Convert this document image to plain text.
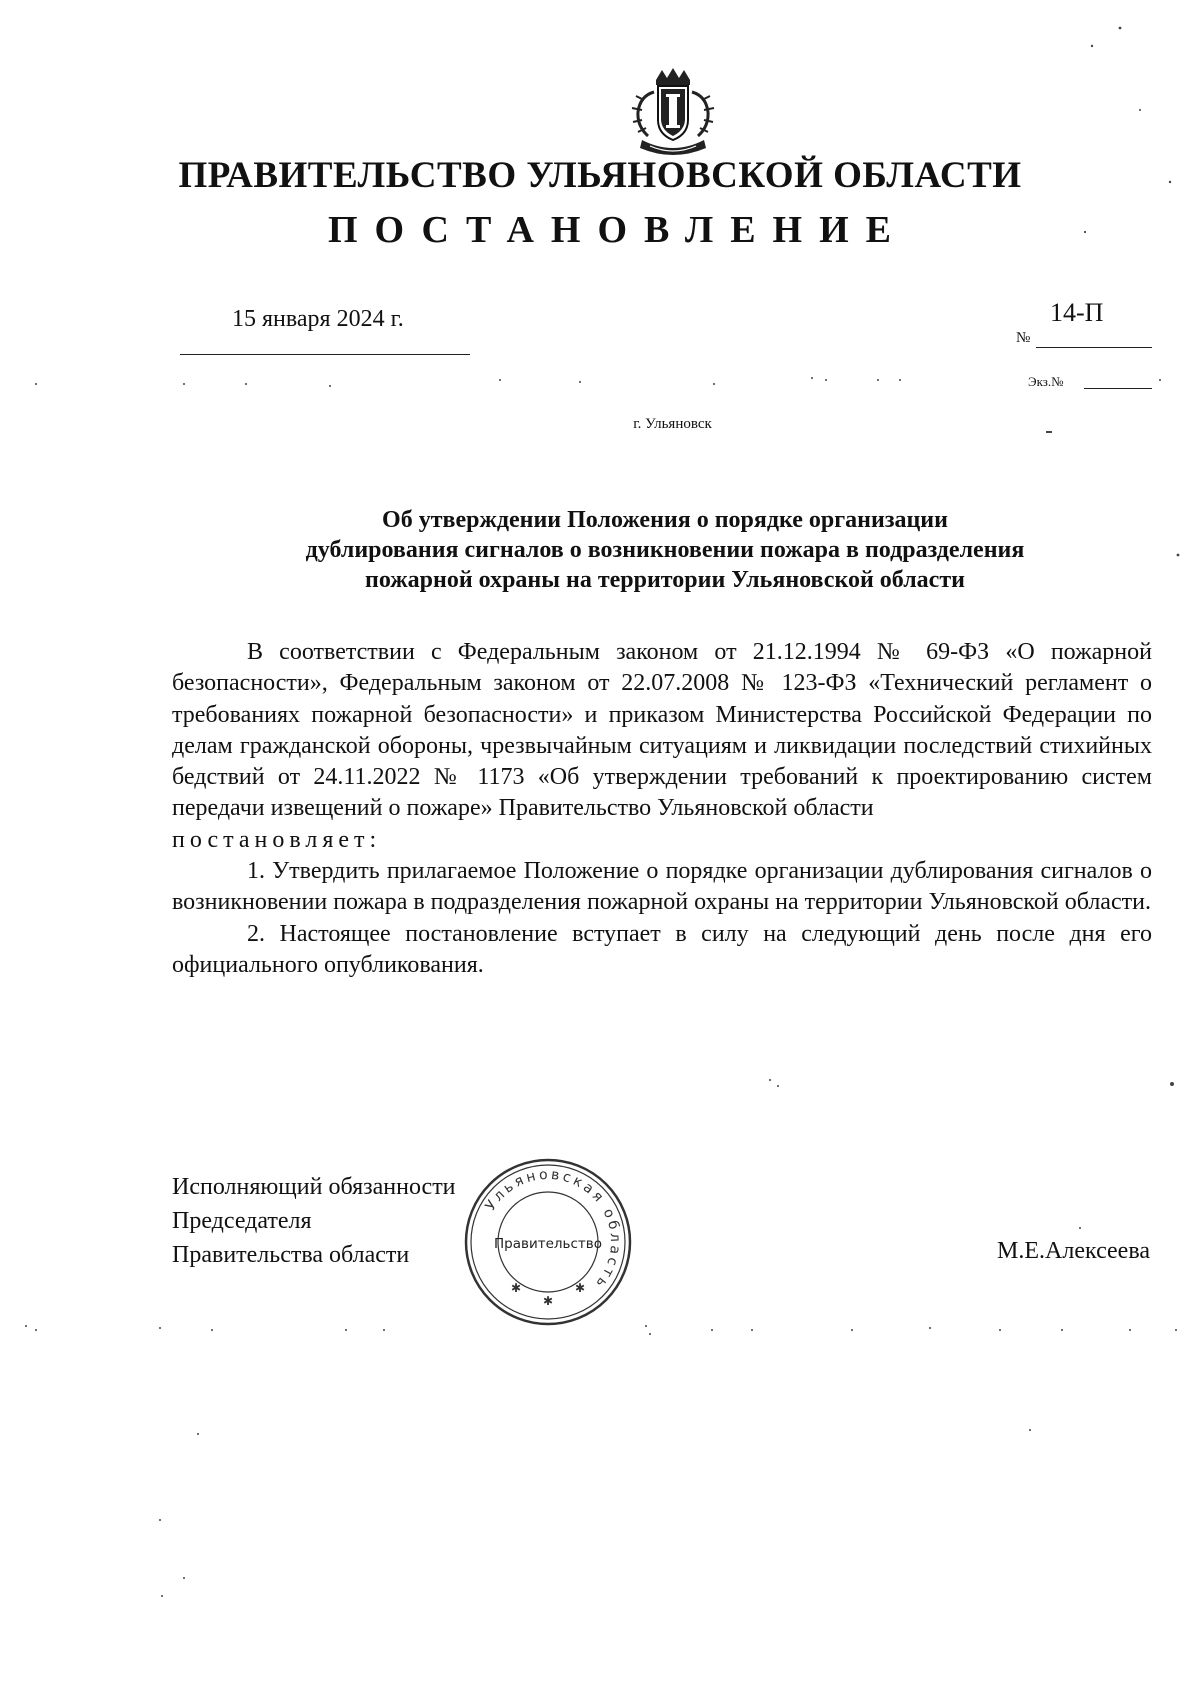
ПРАВИТЕЛЬСТВО УЛЬЯНОВСКОЙ ОБЛАСТИ
ПОСТАНОВЛЕНИЕ
15 января 2024 г.	14-П
№
Экз.№
г. Ульяновск
Об утверждении Положения о порядке организации
дублирования сигналов о возникновении пожара в подразделения
пожарной охраны на территории Ульяновской области

В соответствии с Федеральным законом от 21.12.1994 № 69-ФЗ «О пожарной безопасности», Федеральным законом от 22.07.2008 № 123-ФЗ «Технический регламент о требованиях пожарной безопасности» и приказом Министерства Российской Федерации по делам гражданской обороны, чрезвычайным ситуациям и ликвидации последствий стихийных бедствий от 24.11.2022 № 1173 «Об утверждении требований к проектированию систем передачи извещений о пожаре» Правительство Ульяновской области

постановляет:

1. Утвердить прилагаемое Положение о порядке организации дублирования сигналов о возникновении пожара в подразделения пожарной охраны на территории Ульяновской области.

2. Настоящее постановление вступает в силу на следующий день после дня его официального опубликования.

Исполняющий обязанности
Председателя
Правительства области	М.Е.Алексеева
Ульяновская область
Правительство
✱
✱
✱
